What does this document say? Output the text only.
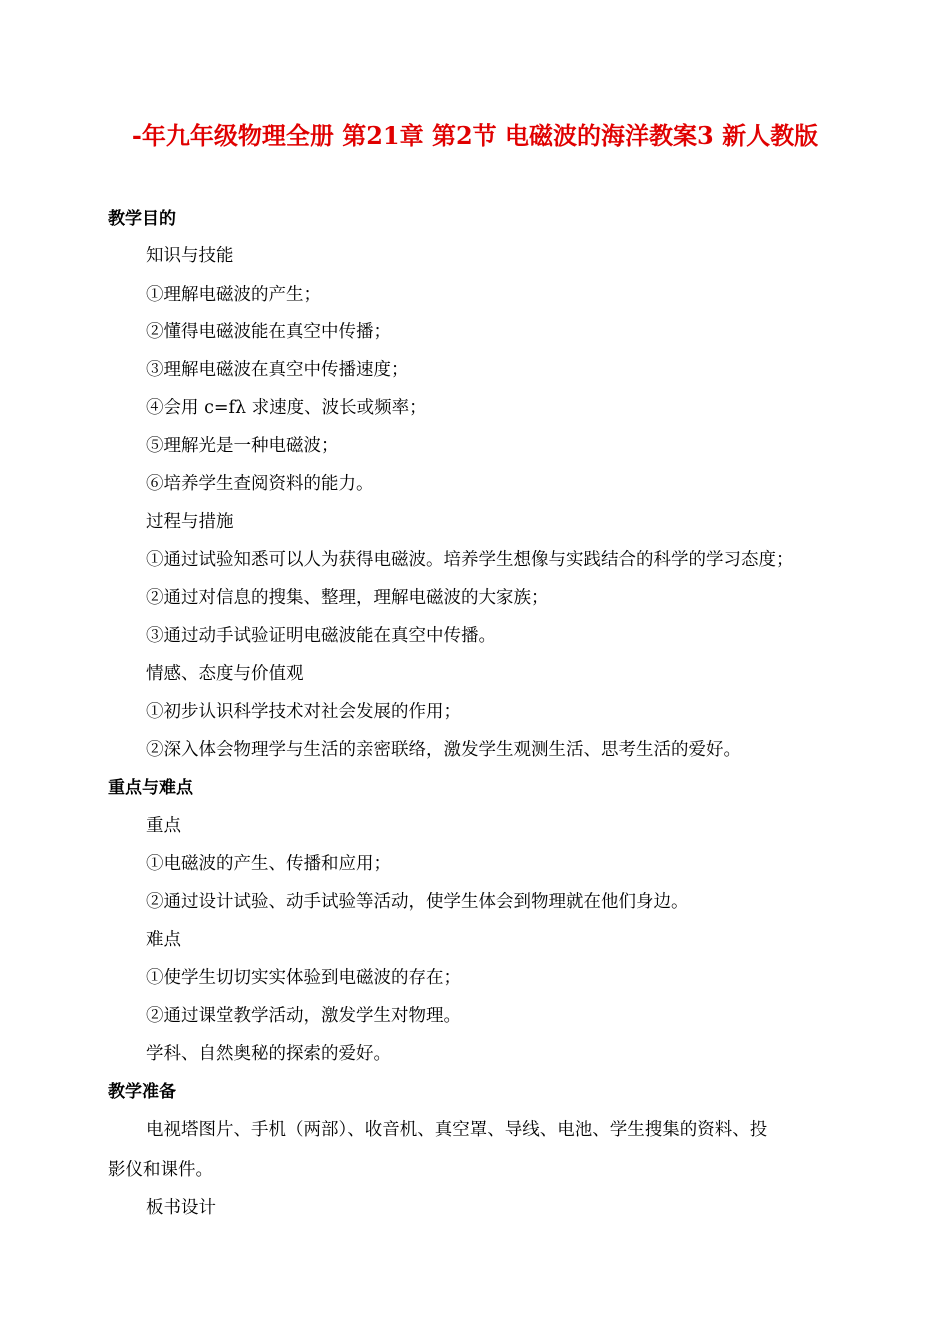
-年九年级物理全册 第21章 第2节 电磁波的海洋教案3 新人教版
教学目的
知识与技能
①理解电磁波的产生；
②懂得电磁波能在真空中传播；
③理解电磁波在真空中传播速度；
④会用 c=fλ 求速度、波长或频率；
⑤理解光是一种电磁波；
⑥培养学生查阅资料的能力。
过程与措施
①通过试验知悉可以人为获得电磁波。培养学生想像与实践结合的科学的学习态度；
②通过对信息的搜集、整理，理解电磁波的大家族；
③通过动手试验证明电磁波能在真空中传播。
情感、态度与价值观
①初步认识科学技术对社会发展的作用；
②深入体会物理学与生活的亲密联络，激发学生观测生活、思考生活的爱好。
重点与难点
重点
①电磁波的产生、传播和应用；
②通过设计试验、动手试验等活动，使学生体会到物理就在他们身边。
难点
①使学生切切实实体验到电磁波的存在；
②通过课堂教学活动，激发学生对物理。
学科、自然奥秘的探索的爱好。
教学准备
电视塔图片、手机（两部）、收音机、真空罩、导线、电池、学生搜集的资料、投
影仪和课件。
板书设计
